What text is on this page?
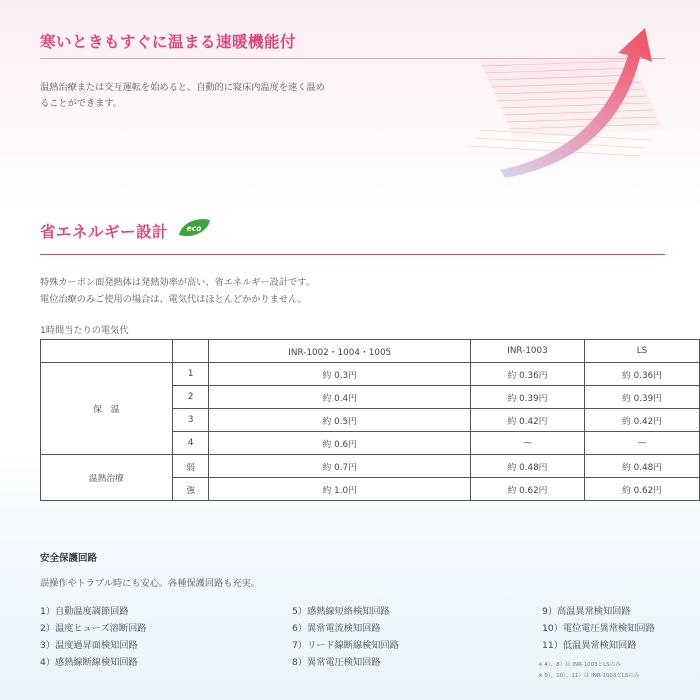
寒いときもすぐに温まる速暖機能付
温熱治療または交互運転を始めると、自動的に寝床内温度を速く温め
ることができます。
省エネルギー設計 eco
特殊カーボン面発熱体は発熱効率が高い、省エネルギー設計です。
電位治療のみご使用の場合は、電気代はほとんどかかりません。
1時間当たりの電気代
		INR-1002・1004・1005	INR-1003	LS
保　温	1	約 0.3円	約 0.36円	約 0.36円
	2	約 0.4円	約 0.39円	約 0.39円
	3	約 0.5円	約 0.42円	約 0.42円
	4	約 0.6円	—	—
温熱治療	弱	約 0.7円	約 0.48円	約 0.48円
	強	約 1.0円	約 0.62円	約 0.62円
安全保護回路
誤操作やトラブル時にも安心。各種保護回路も充実。
1）自動温度調節回路
2）温度ヒューズ溶断回路
3）温度過昇面検知回路
4）感熱線断線検知回路
5）感熱線短絡検知回路
6）異常電流検知回路
7）リード線断線検知回路
8）異常電圧検知回路
9）高温異常検知回路
10）電位電圧異常検知回路
11）低温異常検知回路
※ 4）、8）は INR-1003とLSのみ
※ 9）、10）、11）は INR-1003とLSのみ
